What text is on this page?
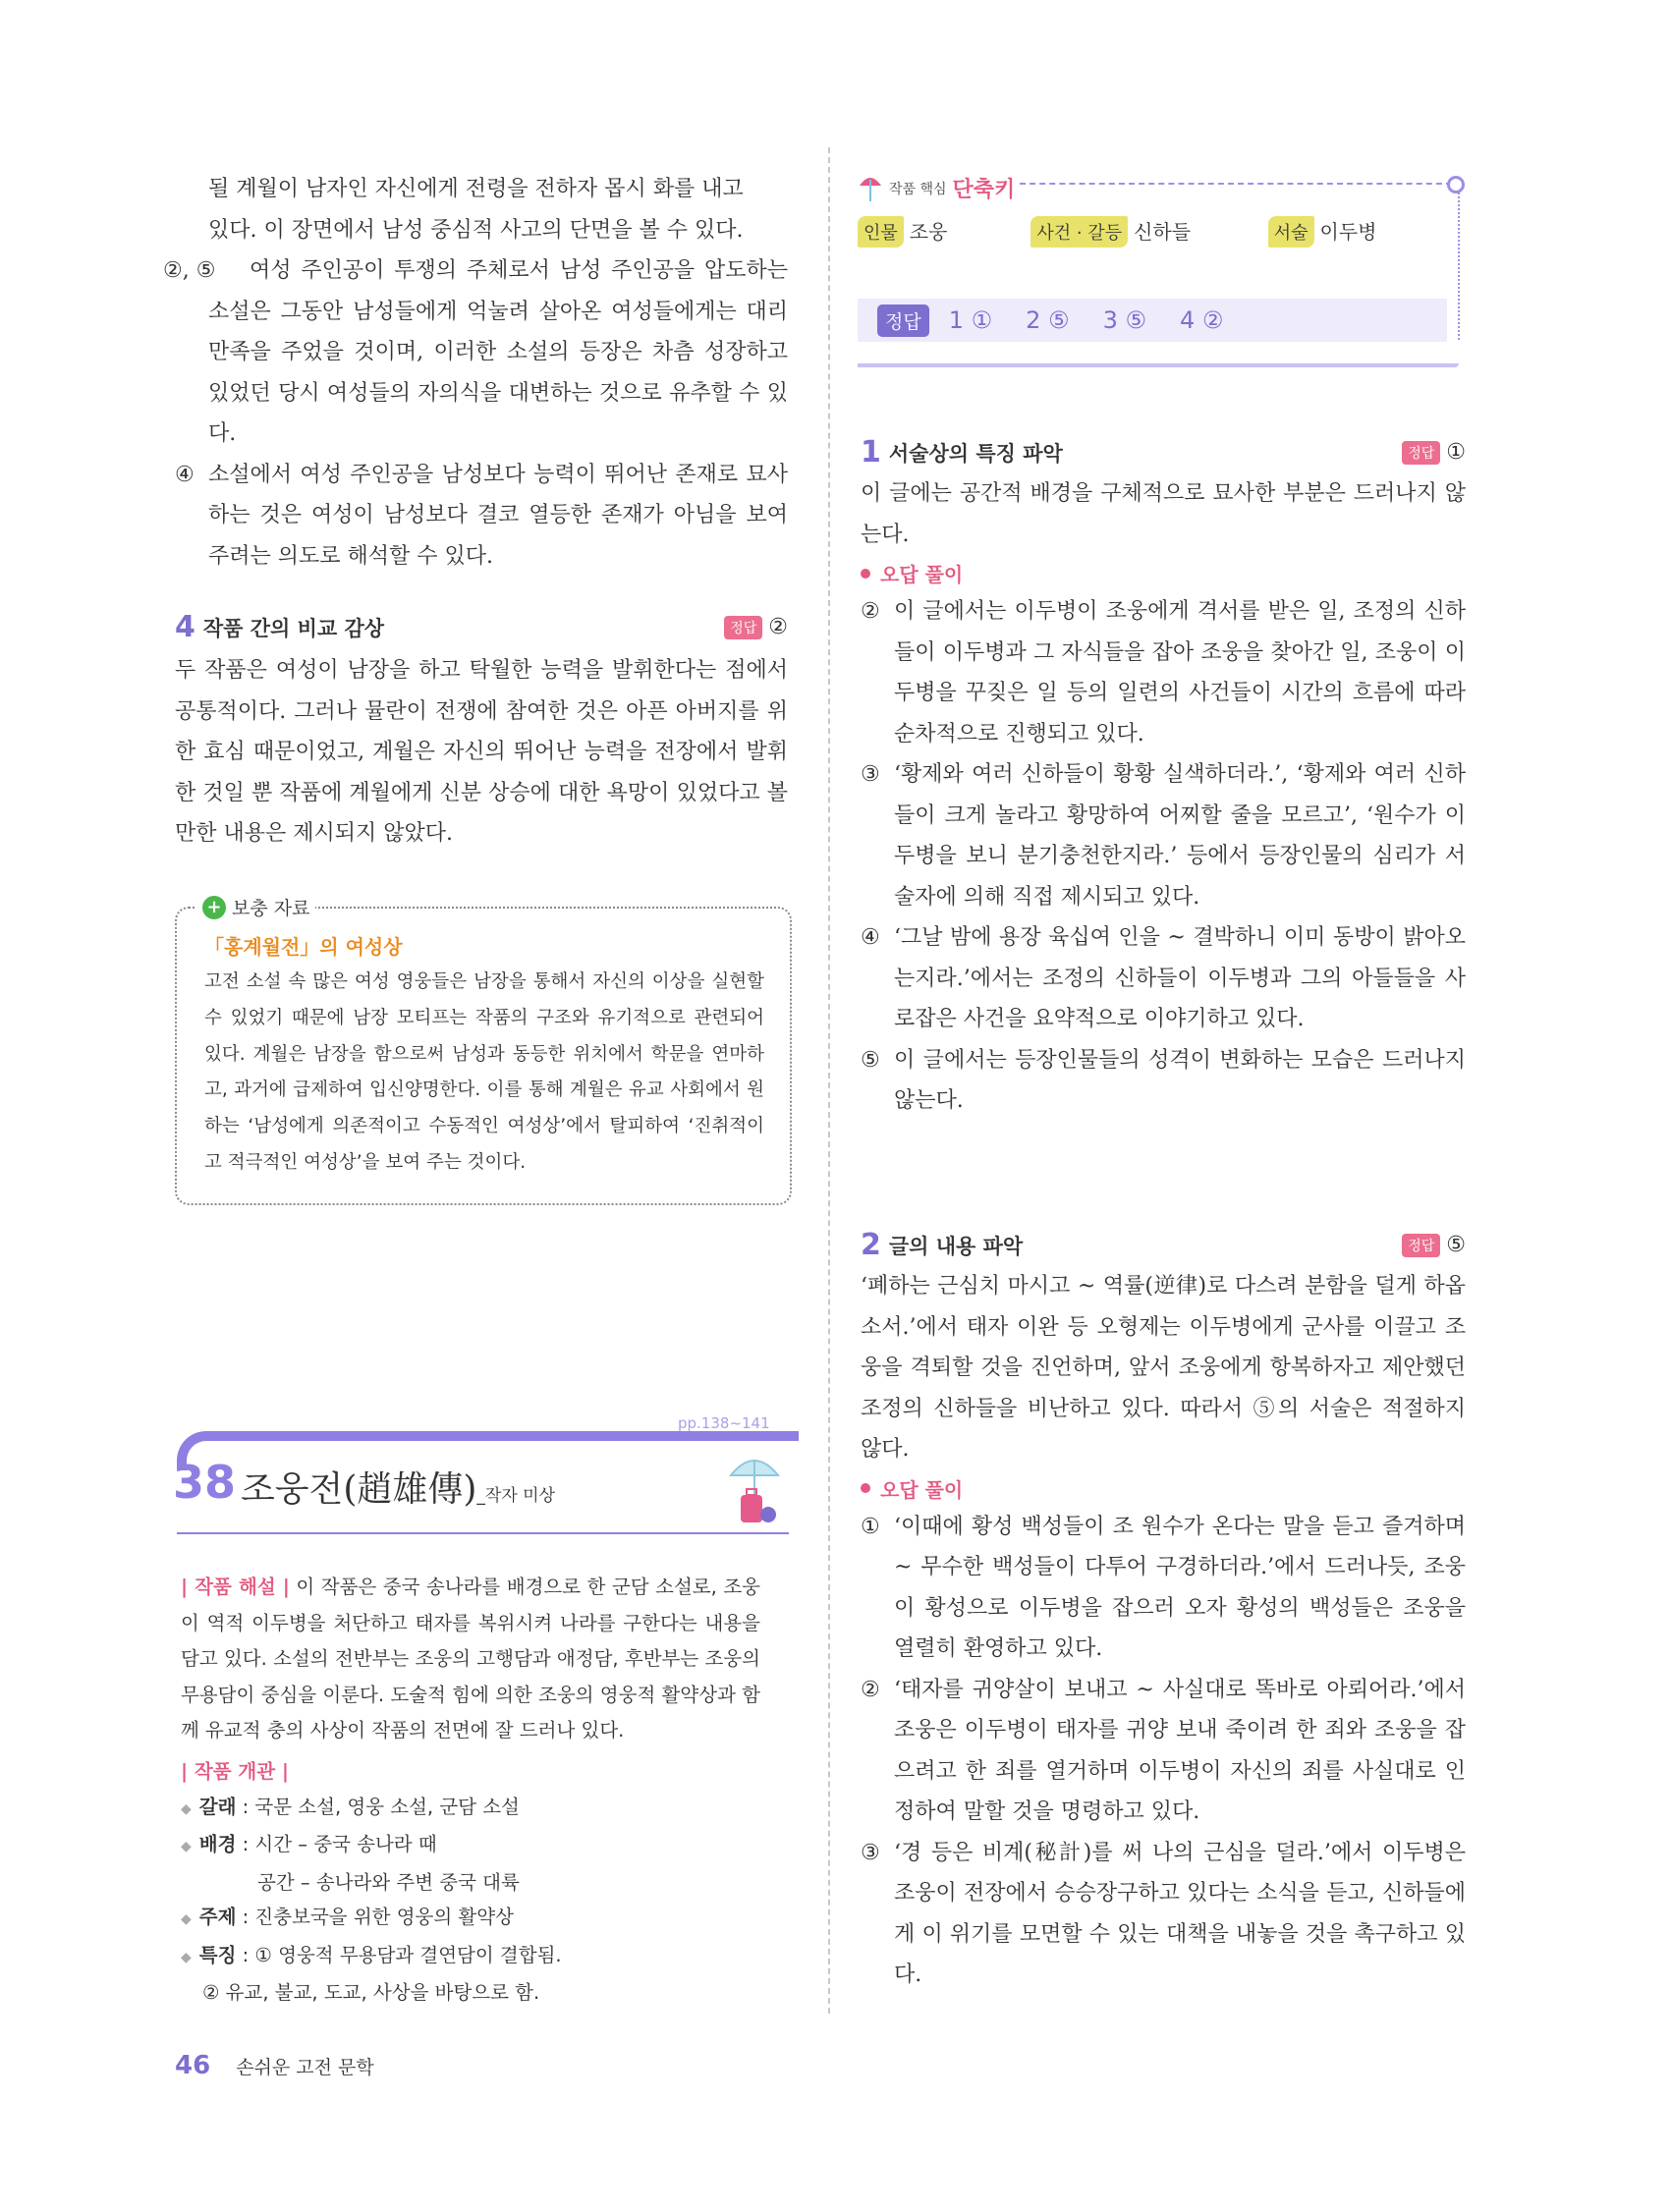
될 계월이 남자인 자신에게 전령을 전하자 몹시 화를 내고

있다. 이 장면에서 남성 중심적 사고의 단면을 볼 수 있다.

②, ⑤ 여성 주인공이 투쟁의 주체로서 남성 주인공을 압도하는 소설은 그동안 남성들에게 억눌려 살아온 여성들에게는 대리 만족을 주었을 것이며, 이러한 소설의 등장은 차츰 성장하고 있었던 당시 여성들의 자의식을 대변하는 것으로 유추할 수 있다.
④ 소설에서 여성 주인공을 남성보다 능력이 뛰어난 존재로 묘사하는 것은 여성이 남성보다 결코 열등한 존재가 아님을 보여 주려는 의도로 해석할 수 있다.
4 작품 간의 비교 감상	정답 ②

두 작품은 여성이 남장을 하고 탁월한 능력을 발휘한다는 점에서 공통적이다. 그러나 뮬란이 전쟁에 참여한 것은 아픈 아버지를 위한 효심 때문이었고, 계월은 자신의 뛰어난 능력을 전장에서 발휘한 것일 뿐 작품에 계월에게 신분 상승에 대한 욕망이 있었다고 볼 만한 내용은 제시되지 않았다.

+ 보충 자료
「홍계월전」의 여성상
고전 소설 속 많은 여성 영웅들은 남장을 통해서 자신의 이상을 실현할 수 있었기 때문에 남장 모티프는 작품의 구조와 유기적으로 관련되어 있다. 계월은 남장을 함으로써 남성과 동등한 위치에서 학문을 연마하고, 과거에 급제하여 입신양명한다. 이를 통해 계월은 유교 사회에서 원하는 ‘남성에게 의존적이고 수동적인 여성상’에서 탈피하여 ‘진취적이고 적극적인 여성상’을 보여 주는 것이다.
pp.138~141
38 조웅전(趙雄傳)_작자 미상
| 작품 해설 | 이 작품은 중국 송나라를 배경으로 한 군담 소설로, 조웅이 역적 이두병을 처단하고 태자를 복위시켜 나라를 구한다는 내용을 담고 있다. 소설의 전반부는 조웅의 고행담과 애정담, 후반부는 조웅의 무용담이 중심을 이룬다. 도술적 힘에 의한 조웅의 영웅적 활약상과 함께 유교적 충의 사상이 작품의 전면에 잘 드러나 있다.
| 작품 개관 |
◆ 갈래 : 국문 소설, 영웅 소설, 군담 소설
◆ 배경 : 시간 – 중국 송나라 때
공간 – 송나라와 주변 중국 대륙
◆ 주제 : 진충보국을 위한 영웅의 활약상
◆ 특징 : ① 영웅적 무용담과 결연담이 결합됨.
② 유교, 불교, 도교, 사상을 바탕으로 함.
46 손쉬운 고전 문학
작품 핵심 단축키
인물 조웅	사건 · 갈등 신하들	서술 이두병
정답	1 ① 2 ⑤ 3 ⑤ 4 ②
1 서술상의 특징 파악	정답 ①

이 글에는 공간적 배경을 구체적으로 묘사한 부분은 드러나지 않는다.

오답 풀이
② 이 글에서는 이두병이 조웅에게 격서를 받은 일, 조정의 신하들이 이두병과 그 자식들을 잡아 조웅을 찾아간 일, 조웅이 이두병을 꾸짖은 일 등의 일련의 사건들이 시간의 흐름에 따라 순차적으로 진행되고 있다.
③ ‘황제와 여러 신하들이 황황 실색하더라.’, ‘황제와 여러 신하들이 크게 놀라고 황망하여 어찌할 줄을 모르고’, ‘원수가 이두병을 보니 분기충천한지라.’ 등에서 등장인물의 심리가 서술자에 의해 직접 제시되고 있다.
④ ‘그날 밤에 용장 육십여 인을 ~ 결박하니 이미 동방이 밝아오는지라.’에서는 조정의 신하들이 이두병과 그의 아들들을 사로잡은 사건을 요약적으로 이야기하고 있다.
⑤ 이 글에서는 등장인물들의 성격이 변화하는 모습은 드러나지 않는다.
2 글의 내용 파악	정답 ⑤

‘폐하는 근심치 마시고 ~ 역률(逆律)로 다스려 분함을 덜게 하옵소서.’에서 태자 이완 등 오형제는 이두병에게 군사를 이끌고 조웅을 격퇴할 것을 진언하며, 앞서 조웅에게 항복하자고 제안했던 조정의 신하들을 비난하고 있다. 따라서 ⑤의 서술은 적절하지 않다.

오답 풀이
① ‘이때에 황성 백성들이 조 원수가 온다는 말을 듣고 즐겨하며 ~ 무수한 백성들이 다투어 구경하더라.’에서 드러나듯, 조웅이 황성으로 이두병을 잡으러 오자 황성의 백성들은 조웅을 열렬히 환영하고 있다.
② ‘태자를 귀양살이 보내고 ~ 사실대로 똑바로 아뢰어라.’에서 조웅은 이두병이 태자를 귀양 보내 죽이려 한 죄와 조웅을 잡으려고 한 죄를 열거하며 이두병이 자신의 죄를 사실대로 인정하여 말할 것을 명령하고 있다.
③ ‘경 등은 비계(秘計)를 써 나의 근심을 덜라.’에서 이두병은 조웅이 전장에서 승승장구하고 있다는 소식을 듣고, 신하들에게 이 위기를 모면할 수 있는 대책을 내놓을 것을 촉구하고 있다.
